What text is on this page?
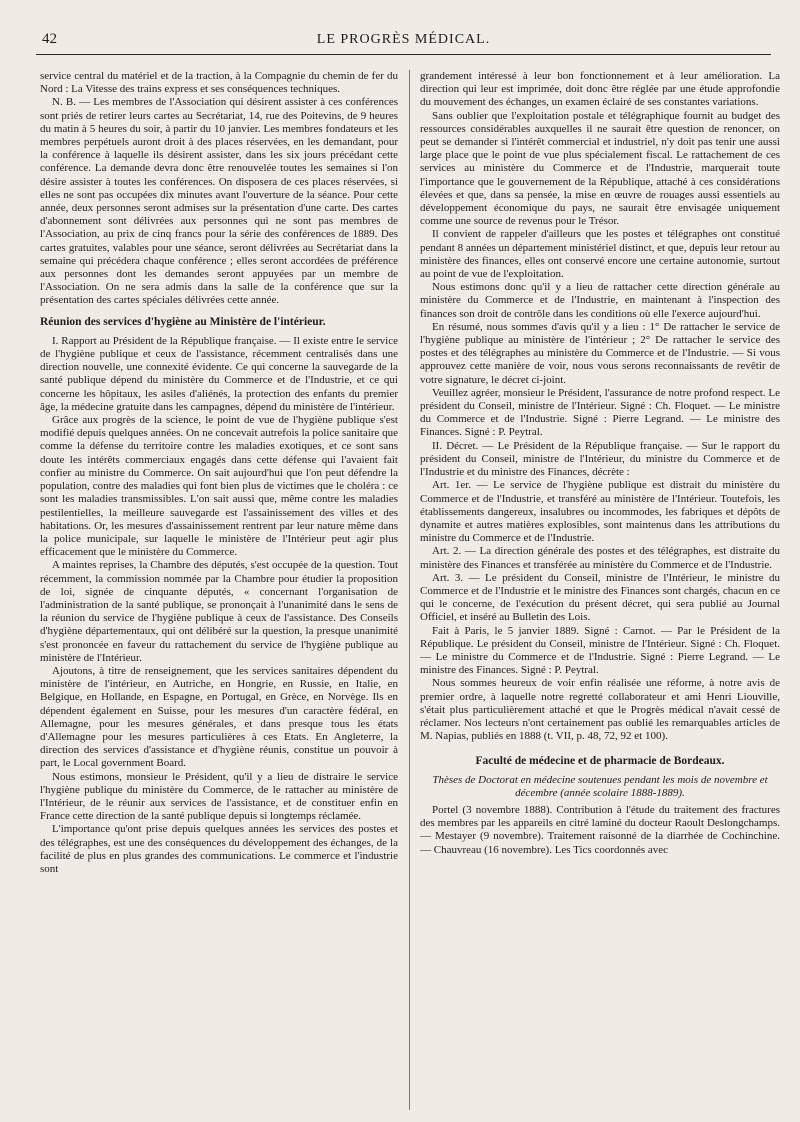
42	LE PROGRÈS MÉDICAL.

service central du matériel et de la traction, à la Compagnie du chemin de fer du Nord : La Vitesse des trains express et ses conséquences techniques.

N. B. — Les membres de l'Association qui désirent assister à ces conférences sont priés de retirer leurs cartes au Secrétariat, 14, rue des Poitevins, de 9 heures du matin à 5 heures du soir, à partir du 10 janvier. Les membres fondateurs et les membres perpétuels auront droit à des places réservées, en les demandant, pour la conférence à laquelle ils désirent assister, dans les six jours précédant cette conférence. La demande devra donc être renouvelée toutes les semaines si l'on désire assister à toutes les conférences. On disposera de ces places réservées, si elles ne sont pas occupées dix minutes avant l'ouverture de la séance. Pour cette année, deux personnes seront admises sur la présentation d'une carte. Des cartes d'abonnement sont délivrées aux personnes qui ne sont pas membres de l'Association, au prix de cinq francs pour la série des conférences de 1889. Des cartes gratuites, valables pour une séance, seront délivrées au Secrétariat dans la semaine qui précédera chaque conférence ; elles seront accordées de préférence aux personnes dont les demandes seront appuyées par un membre de l'Association. On ne sera admis dans la salle de la conférence que sur la présentation des cartes spéciales délivrées cette année.

Réunion des services d'hygiène au Ministère de l'intérieur.

I. Rapport au Président de la République française. — Il existe entre le service de l'hygiène publique et ceux de l'assistance, récemment centralisés dans une direction nouvelle, une connexité évidente. Ce qui concerne la sauvegarde de la santé publique dépend du ministère du Commerce et de l'Industrie, et ce qui concerne les hôpitaux, les asiles d'aliénés, la protection des enfants du premier âge, la médecine gratuite dans les campagnes, dépend du ministère de l'intérieur.

Grâce aux progrès de la science, le point de vue de l'hygiène publique s'est modifié depuis quelques années. On ne concevait autrefois la police sanitaire que comme la défense du territoire contre les maladies exotiques, et ce sont sans doute les intérêts commerciaux engagés dans cette défense qui l'avaient fait confier au ministre du Commerce. On sait aujourd'hui que l'on peut défendre la population, contre des maladies qui font bien plus de victimes que le choléra : ce sont les maladies transmissibles. L'on sait aussi que, même contre les maladies pestilentielles, la meilleure sauvegarde est l'assainissement des villes et des habitations. Or, les mesures d'assainissement rentrent par leur nature même dans la police municipale, sur laquelle le ministère de l'Intérieur peut agir plus efficacement que le ministère du Commerce.

A maintes reprises, la Chambre des députés, s'est occupée de la question. Tout récemment, la commission nommée par la Chambre pour étudier la proposition de loi, signée de cinquante députés, « concernant l'organisation de l'administration de la santé publique, se prononçait à l'unanimité dans le sens de la réunion du service de l'hygiène publique à ceux de l'assistance. Des Conseils d'hygiène départementaux, qui ont délibéré sur la question, la presque unanimité s'est prononcée en faveur du rattachement du service de l'hygiène publique au ministère de l'Intérieur.

Ajoutons, à titre de renseignement, que les services sanitaires dépendent du ministère de l'intérieur, en Autriche, en Hongrie, en Russie, en Italie, en Belgique, en Hollande, en Espagne, en Portugal, en Grèce, en Norvège. Ils en dépendent également en Suisse, pour les mesures d'un caractère fédéral, en Allemagne, pour les mesures générales, et dans presque tous les états d'Allemagne pour les mesures particulières à ces Etats. En Angleterre, la direction des services d'assistance et d'hygiène réunis, constitue un pouvoir à part, le Local government Board.

Nous estimons, monsieur le Président, qu'il y a lieu de distraire le service l'hygiène publique du ministère du Commerce, de le rattacher au ministère de l'Intérieur, de le réunir aux services de l'assistance, et de constituer enfin en France cette direction de la santé publique depuis si longtemps réclamée.

L'importance qu'ont prise depuis quelques années les services des postes et des télégraphes, est une des conséquences du développement des échanges, de la facilité de plus en plus grandes des communications. Le commerce et l'industrie sont

grandement intéressé à leur bon fonctionnement et à leur amélioration. La direction qui leur est imprimée, doit donc être réglée par une étude approfondie du mouvement des échanges, un examen éclairé de ses constantes variations.

Sans oublier que l'exploitation postale et télégraphique fournit au budget des ressources considérables auxquelles il ne saurait être question de renoncer, on peut se demander si l'intérêt commercial et industriel, n'y doit pas tenir une aussi large place que le point de vue plus spécialement fiscal. Le rattachement de ces services au ministère du Commerce et de l'Industrie, marquerait toute l'importance que le gouvernement de la République, attaché à ces considérations élevées et que, dans sa pensée, la mise en œuvre de rouages aussi essentiels au développement économique du pays, ne saurait être envisagée uniquement comme une source de revenus pour le Trésor.

Il convient de rappeler d'ailleurs que les postes et télégraphes ont constitué pendant 8 années un département ministériel distinct, et que, depuis leur retour au ministère des finances, elles ont conservé encore une certaine autonomie, surtout au point de vue de l'exploitation.

Nous estimons donc qu'il y a lieu de rattacher cette direction générale au ministère du Commerce et de l'Industrie, en maintenant à l'inspection des finances son droit de contrôle dans les conditions où elle l'exerce aujourd'hui.

En résumé, nous sommes d'avis qu'il y a lieu : 1° De rattacher le service de l'hygiène publique au ministère de l'intérieur ; 2° De rattacher le service des postes et des télégraphes au ministère du Commerce et de l'Industrie. — Si vous approuvez cette manière de voir, nous vous serons reconnaissants de revêtir de votre signature, le décret ci-joint.

Veuillez agréer, monsieur le Président, l'assurance de notre profond respect. Le président du Conseil, ministre de l'Intérieur. Signé : Ch. Floquet. — Le ministre du Commerce et de l'Industrie. Signé : Pierre Legrand. — Le ministre des Finances. Signé : P. Peytral.

II. Décret. — Le Président de la République française. — Sur le rapport du président du Conseil, ministre de l'Intérieur, du ministre du Commerce et de l'Industrie et du ministre des Finances, décrète :

Art. 1er. — Le service de l'hygiène publique est distrait du ministère du Commerce et de l'Industrie, et transféré au ministère de l'Intérieur. Toutefois, les établissements dangereux, insalubres ou incommodes, les fabriques et dépôts de dynamite et autres matières explosibles, sont maintenus dans les attributions du ministre du Commerce et de l'Industrie.

Art. 2. — La direction générale des postes et des télégraphes, est distraite du ministère des Finances et transférée au ministère du Commerce et de l'Industrie.

Art. 3. — Le président du Conseil, ministre de l'Intérieur, le ministre du Commerce et de l'Industrie et le ministre des Finances sont chargés, chacun en ce qui le concerne, de l'exécution du présent décret, qui sera publié au Journal Officiel, et inséré au Bulletin des Lois.

Fait à Paris, le 5 janvier 1889. Signé : Carnot. — Par le Président de la République. Le président du Conseil, ministre de l'Intérieur. Signé : Ch. Floquet. — Le ministre du Commerce et de l'Industrie. Signé : Pierre Legrand. — Le ministre des Finances. Signé : P. Peytral.

Nous sommes heureux de voir enfin réalisée une réforme, à notre avis de premier ordre, à laquelle notre regretté collaborateur et ami Henri Liouville, s'était plus particulièrement attaché et que le Progrès médical n'avait cessé de réclamer. Nos lecteurs n'ont certainement pas oublié les remarquables articles de M. Napias, publiés en 1888 (t. VII, p. 48, 72, 92 et 100).

Faculté de médecine et de pharmacie de Bordeaux.

Thèses de Doctorat en médecine soutenues pendant les mois de novembre et décembre (année scolaire 1888-1889).

Portel (3 novembre 1888). Contribution à l'étude du traitement des fractures des membres par les appareils en citré laminé du docteur Raoult Deslongchamps. — Mestayer (9 novembre). Traitement raisonné de la diarrhée de Cochinchine. — Chauvreau (16 novembre). Les Tics coordonnés avec
